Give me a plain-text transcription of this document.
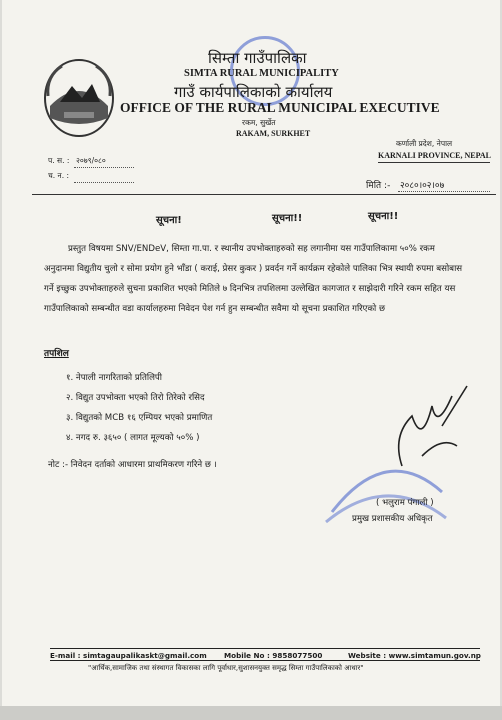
सिम्ता गाउँपालिका
SIMTA RURAL MUNICIPALITY
गाउँ कार्यपालिकाको कार्यालय
OFFICE OF THE RURAL MUNICIPAL EXECUTIVE
रकम, सुर्खेत
RAKAM, SURKHET
कर्णाली प्रदेश, नेपाल
KARNALI PROVINCE, NEPAL
प. स. : २०७९/०८०
च. न. :
मिति :- २०८०।०२।०७
सूचना!	सूचना!!	सूचना!!
प्रस्तुत विषयमा SNV/ENDeV, सिम्ता गा.पा. र स्थानीय उपभोक्ताहरुको सह लगानीमा यस गाउँपालिकामा ५०% रकम अनुदानमा विद्युतीय चुलो र सोमा प्रयोग हुने भाँडा ( कराई, प्रेसर कुकर ) प्रवर्दन गर्ने कार्यक्रम रहेकोले पालिका भित्र स्थायी रुपमा बसोबास गर्ने इच्छुक उपभोक्ताहरुले सुचना प्रकाशित भएको मितिले ७ दिनभित्र तपशिलमा उल्लेखित कागजात र साझेदारी गरिने रकम सहित यस गाउँपालिकाको सम्बन्धीत वडा कार्यालहरुमा निवेदन पेश गर्न हुन सम्बन्धीत सवैमा यो सूचना प्रकाशित गरिएको छ
तपशिल
१. नेपाली नागरिताको प्रतिलिपी
२. विद्युत उपभोक्ता भएको तिरो तिरेको रसिद
३. विद्युतको MCB १६ एम्पियर भएको प्रमाणित
४. नगद रु. ३६५० ( लागत मूल्यको ५०% )
नोट :- निवेदन दर्ताको आधारमा प्राथमिकरण गरिने छ ।
( भलुराम पंगाली )
प्रमुख प्रशासकीय अधिकृत
E-mail : simtagaupalikaskt@gmail.com Mobile No : 9858077500	Website : www.simtamun.gov.np
"आर्थिक,सामाजिक तथा संस्थागत विकासका लागि पूर्वाधार,सुशासनयुक्त समृद्ध सिम्ता गाउँपालिकाको आधार"
